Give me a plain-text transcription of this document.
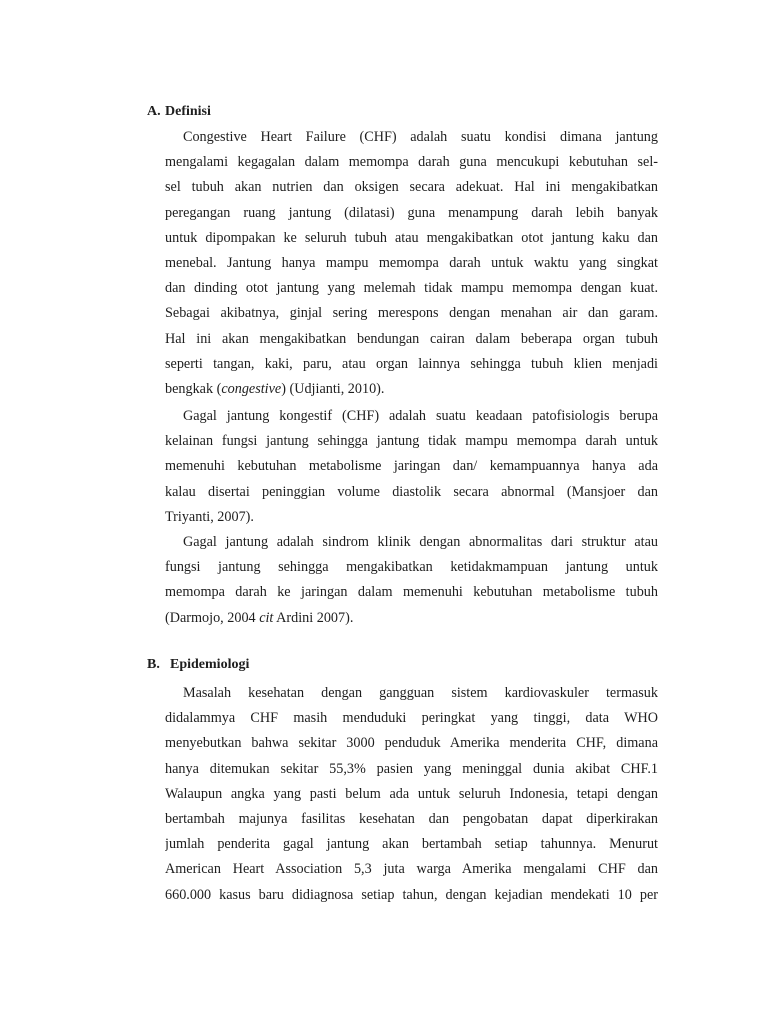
A. Definisi
Congestive Heart Failure (CHF) adalah suatu kondisi dimana jantung
mengalami kegagalan dalam memompa darah guna mencukupi kebutuhan sel-
sel tubuh akan nutrien dan oksigen secara adekuat. Hal ini mengakibatkan
peregangan ruang jantung (dilatasi) guna menampung darah lebih banyak
untuk dipompakan ke seluruh tubuh atau mengakibatkan otot jantung kaku dan
menebal. Jantung hanya mampu memompa darah untuk waktu yang singkat
dan dinding otot jantung yang melemah tidak mampu memompa dengan kuat.
Sebagai akibatnya, ginjal sering merespons dengan menahan air dan garam.
Hal ini akan mengakibatkan bendungan cairan dalam beberapa organ tubuh
seperti tangan, kaki, paru, atau organ lainnya sehingga tubuh klien menjadi
bengkak (congestive) (Udjianti, 2010).
Gagal jantung kongestif (CHF) adalah suatu keadaan patofisiologis berupa
kelainan fungsi jantung sehingga jantung tidak mampu memompa darah untuk
memenuhi kebutuhan metabolisme jaringan dan/ kemampuannya hanya ada
kalau disertai peninggian volume diastolik secara abnormal (Mansjoer dan
Triyanti, 2007).
Gagal jantung adalah sindrom klinik dengan abnormalitas dari struktur atau
fungsi jantung sehingga mengakibatkan ketidakmampuan jantung untuk
memompa darah ke jaringan dalam memenuhi kebutuhan metabolisme tubuh
(Darmojo, 2004 cit Ardini 2007).
B. Epidemiologi
Masalah kesehatan dengan gangguan sistem kardiovaskuler termasuk
didalammya CHF masih menduduki peringkat yang tinggi, data WHO
menyebutkan bahwa sekitar 3000 penduduk Amerika menderita CHF, dimana
hanya ditemukan sekitar 55,3% pasien yang meninggal dunia akibat CHF.1
Walaupun angka yang pasti belum ada untuk seluruh Indonesia, tetapi dengan
bertambah majunya fasilitas kesehatan dan pengobatan dapat diperkirakan
jumlah penderita gagal jantung akan bertambah setiap tahunnya. Menurut
American Heart Association 5,3 juta warga Amerika mengalami CHF dan
660.000 kasus baru didiagnosa setiap tahun, dengan kejadian mendekati 10 per
